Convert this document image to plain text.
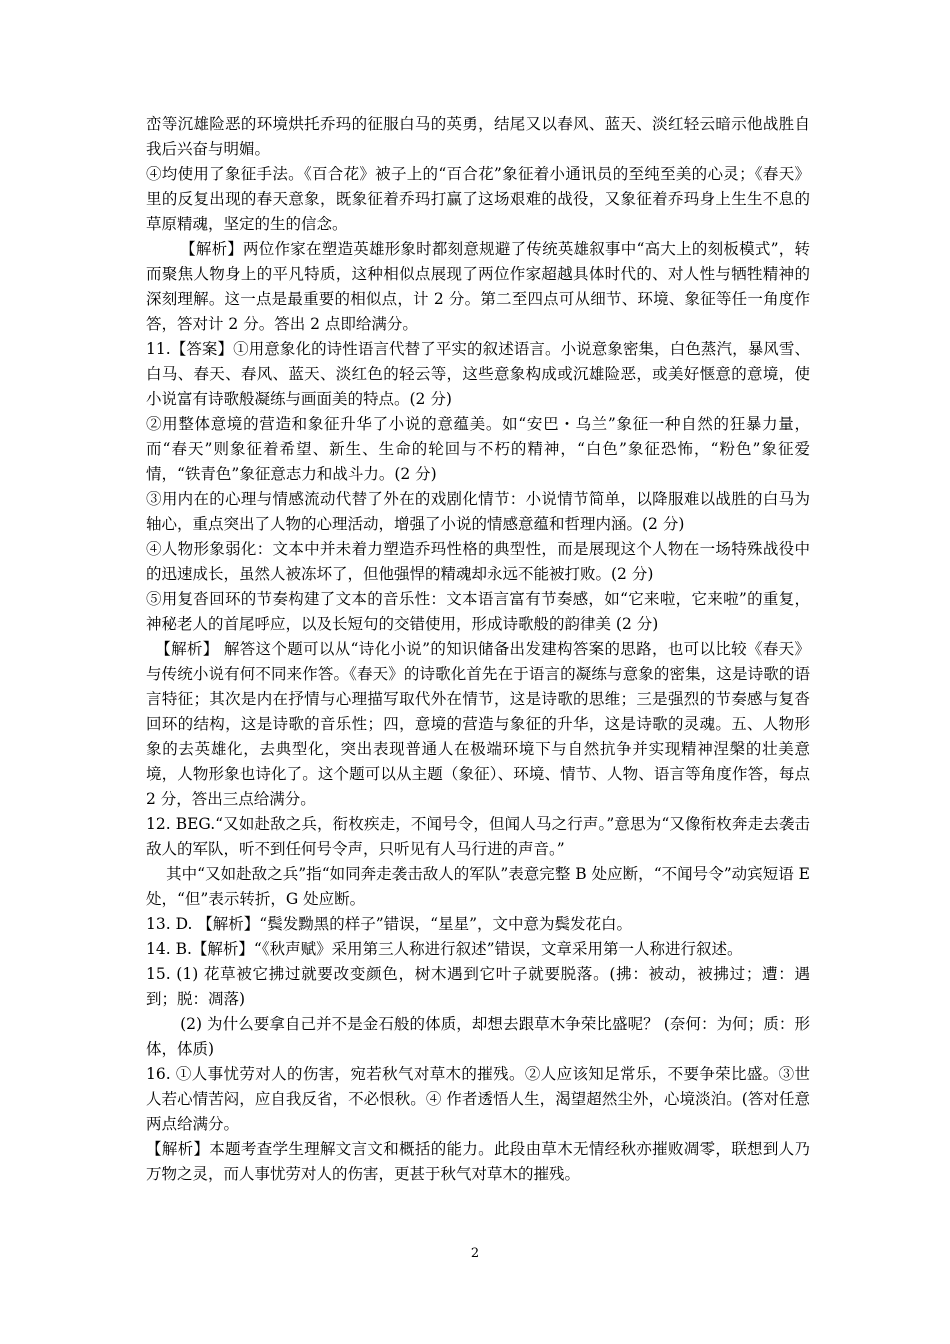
峦等沉雄险恶的环境烘托乔玛的征服白马的英勇，结尾又以春风、蓝天、淡红轻云暗示他战胜自我后兴奋与明媚。

④均使用了象征手法。《百合花》被子上的“百合花”象征着小通讯员的至纯至美的心灵；《春天》里的反复出现的春天意象，既象征着乔玛打赢了这场艰难的战役，又象征着乔玛身上生生不息的草原精魂，坚定的生的信念。

【解析】两位作家在塑造英雄形象时都刻意规避了传统英雄叙事中“高大上的刻板模式”，转而聚焦人物身上的平凡特质，这种相似点展现了两位作家超越具体时代的、对人性与牺牲精神的深刻理解。这一点是最重要的相似点，计 2 分。第二至四点可从细节、环境、象征等任一角度作答，答对计 2 分。答出 2 点即给满分。

11.【答案】①用意象化的诗性语言代替了平实的叙述语言。小说意象密集，白色蒸汽，暴风雪、白马、春天、春风、蓝天、淡红色的轻云等，这些意象构成或沉雄险恶，或美好惬意的意境，使小说富有诗歌般凝练与画面美的特点。(2 分)

②用整体意境的营造和象征升华了小说的意蕴美。如“安巴・乌兰”象征一种自然的狂暴力量，而“春天”则象征着希望、新生、生命的轮回与不朽的精神，“白色”象征恐怖，“粉色”象征爱情，“铁青色”象征意志力和战斗力。(2 分)

③用内在的心理与情感流动代替了外在的戏剧化情节：小说情节简单，以降服难以战胜的白马为轴心，重点突出了人物的心理活动，增强了小说的情感意蕴和哲理内涵。(2 分)

④人物形象弱化：文本中并未着力塑造乔玛性格的典型性，而是展现这个人物在一场特殊战役中的迅速成长，虽然人被冻坏了，但他强悍的精魂却永远不能被打败。(2 分)

⑤用复沓回环的节奏构建了文本的音乐性：文本语言富有节奏感，如“它来啦，它来啦”的重复，神秘老人的首尾呼应，以及长短句的交错使用，形成诗歌般的韵律美 (2 分)

【解析】 解答这个题可以从“诗化小说”的知识储备出发建构答案的思路，也可以比较《春天》与传统小说有何不同来作答。《春天》的诗歌化首先在于语言的凝练与意象的密集，这是诗歌的语言特征；其次是内在抒情与心理描写取代外在情节，这是诗歌的思维；三是强烈的节奏感与复沓回环的结构，这是诗歌的音乐性；四，意境的营造与象征的升华，这是诗歌的灵魂。五、人物形象的去英雄化，去典型化，突出表现普通人在极端环境下与自然抗争并实现精神涅槃的壮美意境，人物形象也诗化了。这个题可以从主题（象征）、环境、情节、人物、语言等角度作答，每点 2 分，答出三点给满分。

12. BEG.“又如赴敌之兵，衔枚疾走，不闻号令，但闻人马之行声。”意思为“又像衔枚奔走去袭击敌人的军队，听不到任何号令声，只听见有人马行进的声音。”

其中“又如赴敌之兵”指“如同奔走袭击敌人的军队”表意完整 B 处应断，“不闻号令”动宾短语 E 处，“但”表示转折，G 处应断。

13. D. 【解析】“鬓发黝黑的样子”错误，“星星”，文中意为鬓发花白。

14. B.【解析】“《秋声赋》采用第三人称进行叙述”错误，文章采用第一人称进行叙述。

15. (1) 花草被它拂过就要改变颜色，树木遇到它叶子就要脱落。(拂：被动，被拂过；遭：遇到；脱：凋落)

(2) 为什么要拿自己并不是金石般的体质，却想去跟草木争荣比盛呢？ (奈何：为何；质：形体，体质)

16. ①人事忧劳对人的伤害，宛若秋气对草木的摧残。②人应该知足常乐，不要争荣比盛。③世人若心情苦闷，应自我反省，不必恨秋。④ 作者透悟人生，渴望超然尘外，心境淡泊。(答对任意两点给满分。

【解析】本题考查学生理解文言文和概括的能力。此段由草木无情经秋亦摧败凋零，联想到人乃万物之灵，而人事忧劳对人的伤害，更甚于秋气对草木的摧残。

2
